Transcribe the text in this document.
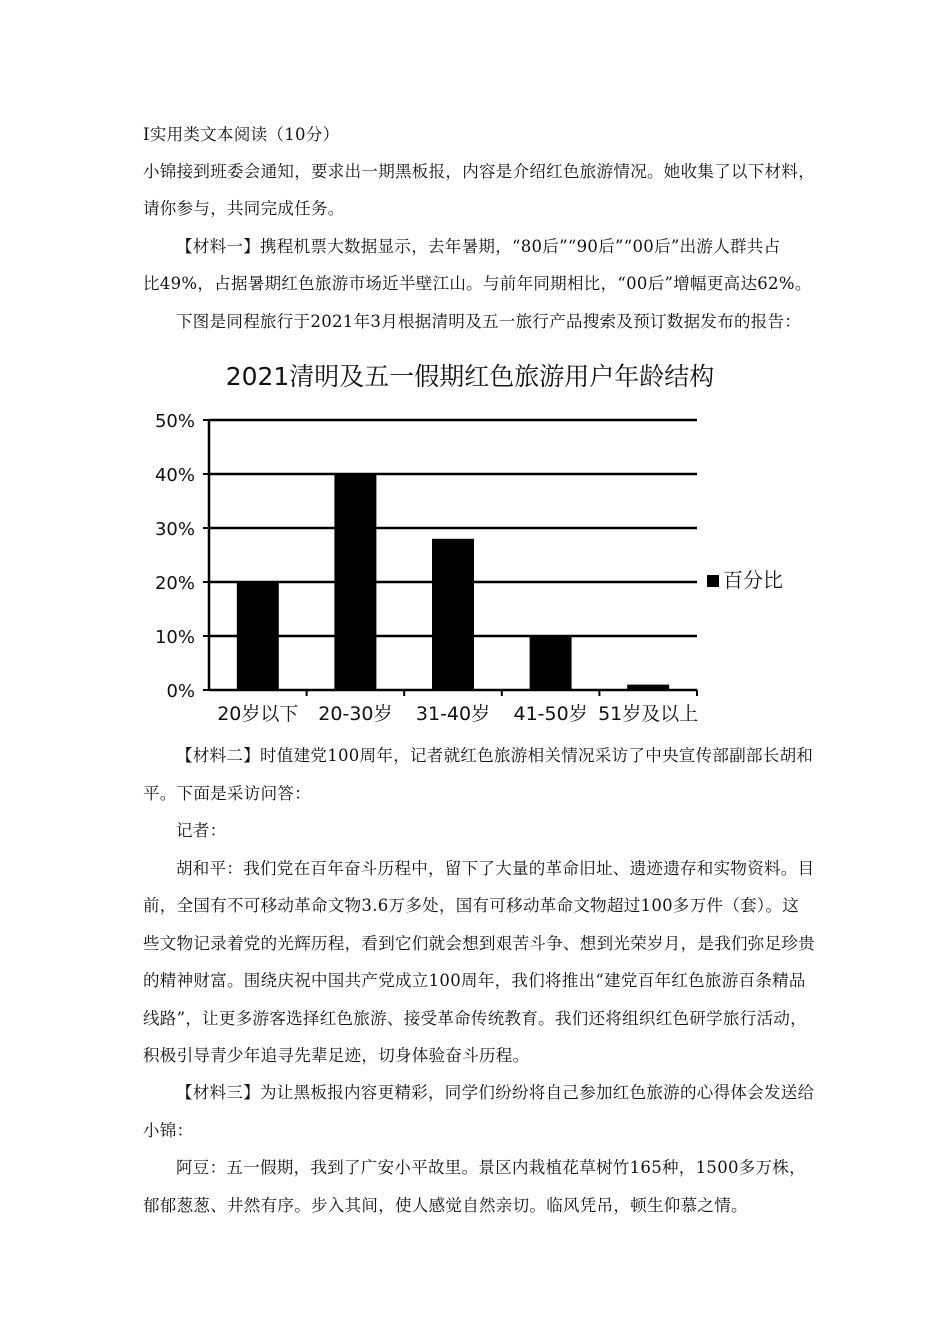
Ⅰ实用类文本阅读（10分）
小锦接到班委会通知，要求出一期黑板报，内容是介绍红色旅游情况。她收集了以下材料，
请你参与，共同完成任务。
【材料一】携程机票大数据显示，去年暑期，“80后”“90后”“00后”出游人群共占
比49%，占据暑期红色旅游市场近半壁江山。与前年同期相比，“00后”增幅更高达62%。
下图是同程旅行于2021年3月根据清明及五一旅行产品搜索及预订数据发布的报告：
2021清明及五一假期红色旅游用户年龄结构
0%
10%
20%
30%
40%
50%
20岁以下 20-30岁 31-40岁 41-50岁 51岁及以上
百分比
【材料二】时值建党100周年，记者就红色旅游相关情况采访了中央宣传部副部长胡和
平。下面是采访问答：
记者：
胡和平：我们党在百年奋斗历程中，留下了大量的革命旧址、遗迹遗存和实物资料。目
前，全国有不可移动革命文物3.6万多处，国有可移动革命文物超过100多万件（套）。这
些文物记录着党的光辉历程，看到它们就会想到艰苦斗争、想到光荣岁月，是我们弥足珍贵
的精神财富。围绕庆祝中国共产党成立100周年，我们将推出“建党百年红色旅游百条精品
线路”，让更多游客选择红色旅游、接受革命传统教育。我们还将组织红色研学旅行活动，
积极引导青少年追寻先辈足迹，切身体验奋斗历程。
【材料三】为让黑板报内容更精彩，同学们纷纷将自己参加红色旅游的心得体会发送给
小锦：
阿豆：五一假期，我到了广安小平故里。景区内栽植花草树竹165种，1500多万株，
郁郁葱葱、井然有序。步入其间，使人感觉自然亲切。临风凭吊，顿生仰慕之情。
